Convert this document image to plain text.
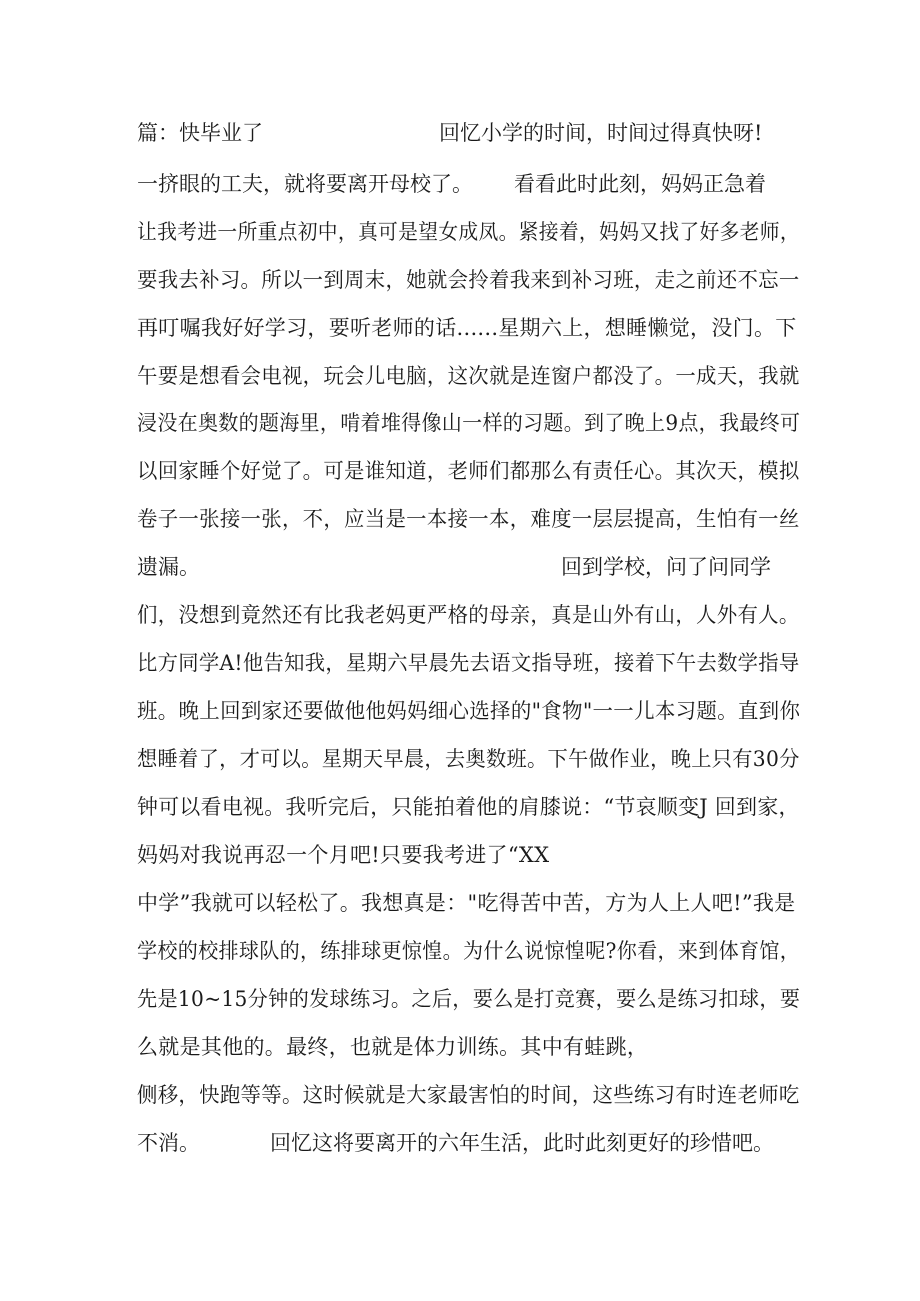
篇：快毕业了	回忆小学的时间，时间过得真快呀!
一挤眼的工夫，就将要离开母校了。 看看此时此刻，妈妈正急着
让我考进一所重点初中，真可是望女成凤。紧接着，妈妈又找了好多老师，
要我去补习。所以一到周末，她就会拎着我来到补习班，走之前还不忘一
再叮嘱我好好学习，要听老师的话......星期六上，想睡懒觉，没门。下
午要是想看会电视，玩会儿电脑，这次就是连窗户都没了。一成天，我就
浸没在奥数的题海里，啃着堆得像山一样的习题。到了晚上9点，我最终可
以回家睡个好觉了。可是谁知道，老师们都那么有责任心。其次天，模拟
卷子一张接一张，不，应当是一本接一本，难度一层层提高，生怕有一丝
遗漏。	回到学校，问了问同学
们，没想到竟然还有比我老妈更严格的母亲，真是山外有山，人外有人。
比方同学A!他告知我，星期六早晨先去语文指导班，接着下午去数学指导
班。晚上回到家还要做他他妈妈细心选择的"食物"一一儿本习题。直到你
想睡着了，才可以。星期天早晨，去奥数班。下午做作业，晚上只有30分
钟可以看电视。我听完后，只能拍着他的肩膝说：“节哀顺变J 回到家，
妈妈对我说再忍一个月吧!只要我考进了“XX
中学”我就可以轻松了。我想真是："吃得苦中苦，方为人上人吧!”我是
学校的校排球队的，练排球更惊惶。为什么说惊惶呢?你看，来到体育馆，
先是10~15分钟的发球练习。之后，要么是打竞赛，要么是练习扣球，要
么就是其他的。最终，也就是体力训练。其中有蛙跳，
侧移，快跑等等。这时候就是大家最害怕的时间，这些练习有时连老师吃
不消。	回忆这将要离开的六年生活，此时此刻更好的珍惜吧。
